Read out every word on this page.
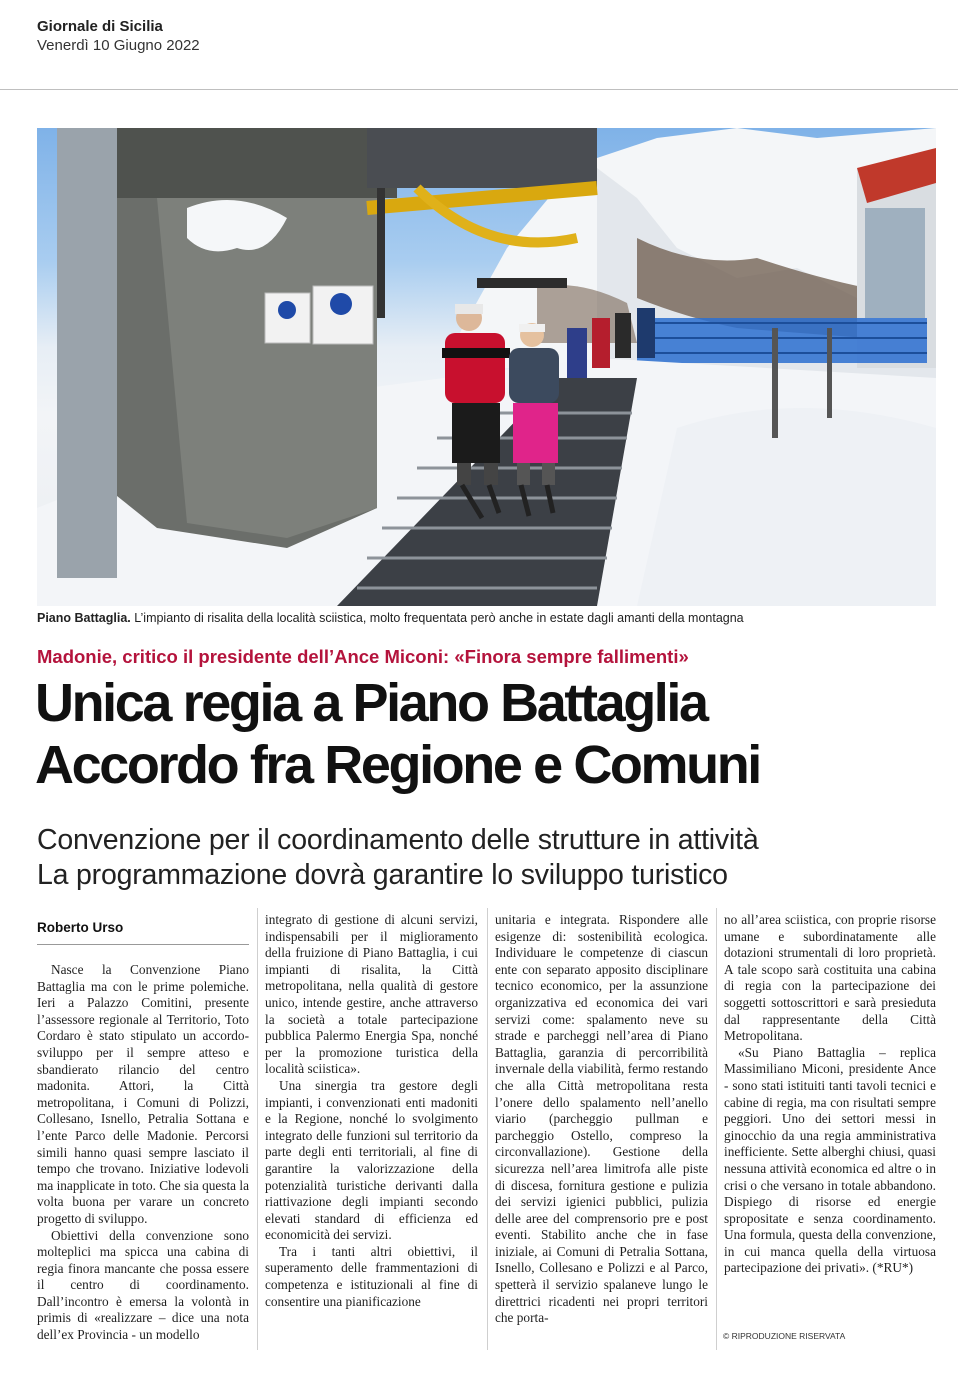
Giornale di Sicilia
Venerdì 10 Giugno 2022
Piano Battaglia. L’impianto di risalita della località sciistica, molto frequentata però anche in estate dagli amanti della montagna
Madonie, critico il presidente dell’Ance Miconi: «Finora sempre fallimenti»
Unica regia a Piano Battaglia
Accordo fra Regione e Comuni
Convenzione per il coordinamento delle strutture in attività
La programmazione dovrà garantire lo sviluppo turistico
Roberto Urso

Nasce la Convenzione Piano Battaglia ma con le prime polemiche. Ieri a Palazzo Comitini, presente l’assessore regionale al Territorio, Toto Cordaro è stato stipulato un accordo-sviluppo per il sempre atteso e sbandierato rilancio del centro madonita. Attori, la Città metropolitana, i Comuni di Polizzi, Collesano, Isnello, Petralia Sottana e l’ente Parco delle Madonie. Percorsi simili hanno quasi sempre lasciato il tempo che trovano. Iniziative lodevoli ma inapplicate in toto. Che sia questa la volta buona per varare un concreto progetto di sviluppo.

Obiettivi della convenzione sono molteplici ma spicca una cabina di regia finora mancante che possa essere il centro di coordinamento. Dall’incontro è emersa la volontà in primis di «realizzare – dice una nota dell’ex Provincia - un modello

integrato di gestione di alcuni servizi, indispensabili per il miglioramento della fruizione di Piano Battaglia, i cui impianti di risalita, la Città metropolitana, nella qualità di gestore unico, intende gestire, anche attraverso la società a totale partecipazione pubblica Palermo Energia Spa, nonché per la promozione turistica della località sciistica».

Una sinergia tra gestore degli impianti, i convenzionati enti madoniti e la Regione, nonché lo svolgimento integrato delle funzioni sul territorio da parte degli enti territoriali, al fine di garantire la valorizzazione della potenzialità turistiche derivanti dalla riattivazione degli impianti secondo elevati standard di efficienza ed economicità dei servizi.

Tra i tanti altri obiettivi, il superamento delle frammentazioni di competenza e istituzionali al fine di consentire una pianificazione

unitaria e integrata. Rispondere alle esigenze di: sostenibilità ecologica. Individuare le competenze di ciascun ente con separato apposito disciplinare tecnico economico, per la assunzione organizzativa ed economica dei vari servizi come: spalamento neve su strade e parcheggi nell’area di Piano Battaglia, garanzia di percorribilità invernale della viabilità, fermo restando che alla Città metropolitana resta l’onere dello spalamento nell’anello viario (parcheggio pullman e parcheggio Ostello, compreso la circonvallazione). Gestione della sicurezza nell’area limitrofa alle piste di discesa, fornitura gestione e pulizia dei servizi igienici pubblici, pulizia delle aree del comprensorio pre e post eventi. Stabilito anche che in fase iniziale, ai Comuni di Petralia Sottana, Isnello, Collesano e Polizzi e al Parco, spetterà il servizio spalaneve lungo le direttrici ricadenti nei propri territori che porta-

no all’area sciistica, con proprie risorse umane e subordinatamente alle dotazioni strumentali di loro proprietà. A tale scopo sarà costituita una cabina di regia con la partecipazione dei soggetti sottoscrittori e sarà presieduta dal rappresentante della Città Metropolitana.

«Su Piano Battaglia – replica Massimiliano Miconi, presidente Ance - sono stati istituiti tanti tavoli tecnici e cabine di regia, ma con risultati sempre peggiori. Uno dei settori messi in ginocchio da una regia amministrativa inefficiente. Sette alberghi chiusi, quasi nessuna attività economica ed altre o in crisi o che versano in totale abbandono. Dispiego di risorse ed energie spropositate e senza coordinamento. Una formula, questa della convenzione, in cui manca quella della virtuosa partecipazione dei privati». (*RU*)

© RIPRODUZIONE RISERVATA
